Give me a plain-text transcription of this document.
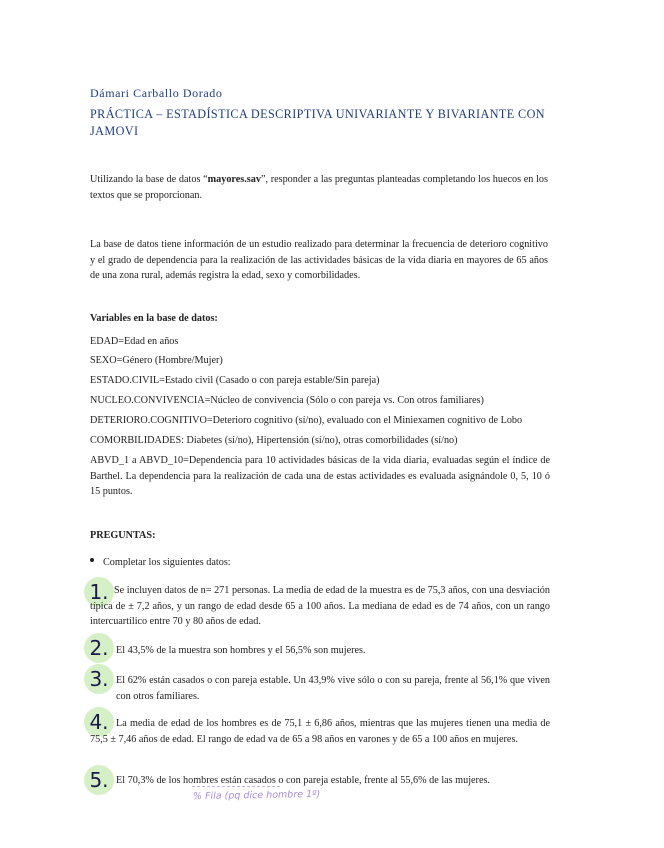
Dámari Carballo Dorado
PRÁCTICA – ESTADÍSTICA DESCRIPTIVA UNIVARIANTE Y BIVARIANTE CON JAMOVI
Utilizando la base de datos “mayores.sav”, responder a las preguntas planteadas completando los huecos en los textos que se proporcionan.
La base de datos tiene información de un estudio realizado para determinar la frecuencia de deterioro cognitivo y el grado de dependencia para la realización de las actividades básicas de la vida diaria en mayores de 65 años de una zona rural, además registra la edad, sexo y comorbilidades.
Variables en la base de datos:
EDAD=Edad en años
SEXO=Género (Hombre/Mujer)
ESTADO.CIVIL=Estado civil (Casado o con pareja estable/Sin pareja)
NUCLEO.CONVIVENCIA=Núcleo de convivencia (Sólo o con pareja vs. Con otros familiares)
DETERIORO.COGNITIVO=Deterioro cognitivo (sí/no), evaluado con el Miniexamen cognitivo de Lobo
COMORBILIDADES: Diabetes (sí/no), Hipertensión (sí/no), otras comorbilidades (sí/no)
ABVD_1 a ABVD_10=Dependencia para 10 actividades básicas de la vida diaria, evaluadas según el índice de Barthel. La dependencia para la realización de cada una de estas actividades es evaluada asignándole 0, 5, 10 ó 15 puntos.
PREGUNTAS:
Completar los siguientes datos:
1. Se incluyen datos de n= 271 personas. La media de edad de la muestra es de 75,3 años, con una desviación típica de ± 7,2 años, y un rango de edad desde 65 a 100 años. La mediana de edad es de 74 años, con un rango intercuartílico entre 70 y 80 años de edad.
2. El 43,5% de la muestra son hombres y el 56,5% son mujeres.
3. El 62% están casados o con pareja estable. Un 43,9% vive sólo o con su pareja, frente al 56,1% que viven con otros familiares.
4. La media de edad de los hombres es de 75,1 ± 6,86 años, mientras que las mujeres tienen una media de 75,5 ± 7,46 años de edad. El rango de edad va de 65 a 98 años en varones y de 65 a 100 años en mujeres.
5. El 70,3% de los hombres están casados o con pareja estable, frente al 55,6% de las mujeres.
% Fila (pq dice hombre 1º)
